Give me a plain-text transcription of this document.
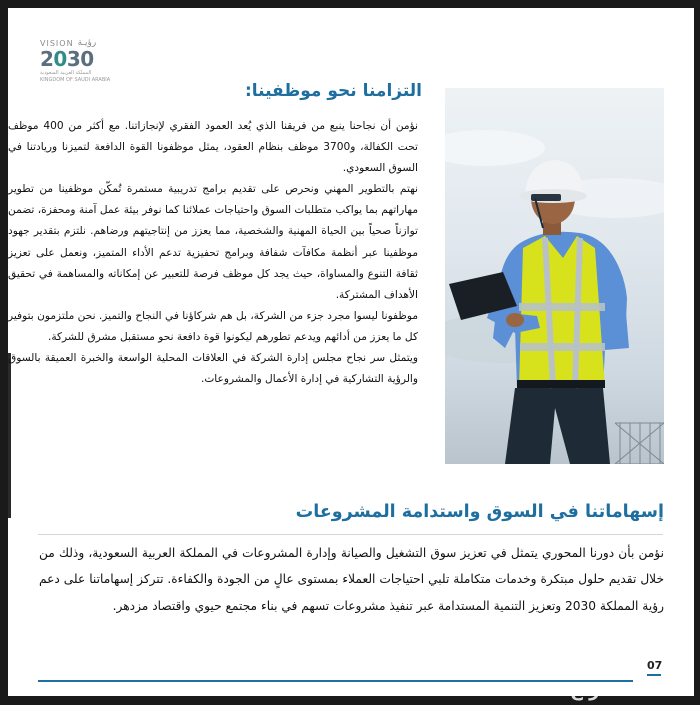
VISION رؤيـة
2030
المملكة العربية السعودية
KINGDOM OF SAUDI ARABIA
التزامنا نحو موظفينا:

نؤمن أن نجاحنا ينبع من فريقنا الذي يُعد العمود الفقري لإنجازاتنا. مع أكثر من 400 موظف تحت الكفالة، و3700 موظف بنظام العقود، يمثل موظفونا القوة الدافعة لتميزنا وريادتنا في السوق السعودي.

نهتم بالتطوير المهني ونحرص على تقديم برامج تدريبية مستمرة تُمكّن موظفينا من تطوير مهاراتهم بما يواكب متطلبات السوق واحتياجات عملائنا كما نوفر بيئة عمل آمنة ومحفزة، تضمن توازناً صحياً بين الحياة المهنية والشخصية، مما يعزز من إنتاجيتهم ورضاهم. نلتزم بتقدير جهود موظفينا عبر أنظمة مكافآت شفافة وبرامج تحفيزية تدعم الأداء المتميز، ونعمل على تعزيز ثقافة التنوع والمساواة، حيث يجد كل موظف فرصة للتعبير عن إمكاناته والمساهمة في تحقيق الأهداف المشتركة.

موظفونا ليسوا مجرد جزء من الشركة، بل هم شركاؤنا في النجاح والتميز. نحن ملتزمون بتوفير كل ما يعزز من أدائهم ويدعم تطورهم ليكونوا قوة دافعة نحو مستقبل مشرق للشركة.

ويتمثل سر نجاح مجلس إدارة الشركة في العلاقات المحلية الواسعة والخبرة العميقة بالسوق والرؤية التشاركية في إدارة الأعمال والمشروعات.

إسهاماتنا في السوق واستدامة المشروعات

نؤمن بأن دورنا المحوري يتمثل في تعزيز سوق التشغيل والصيانة وإدارة المشروعات في المملكة العربية السعودية، وذلك من خلال تقديم حلول مبتكرة وخدمات متكاملة تلبي احتياجات العملاء بمستوى عالٍ من الجودة والكفاءة. تتركز إسهاماتنا على دعم رؤية المملكة 2030 وتعزيز التنمية المستدامة عبر تنفيذ مشروعات تسهم في بناء مجتمع حيوي واقتصاد مزدهر.

07
حراج
